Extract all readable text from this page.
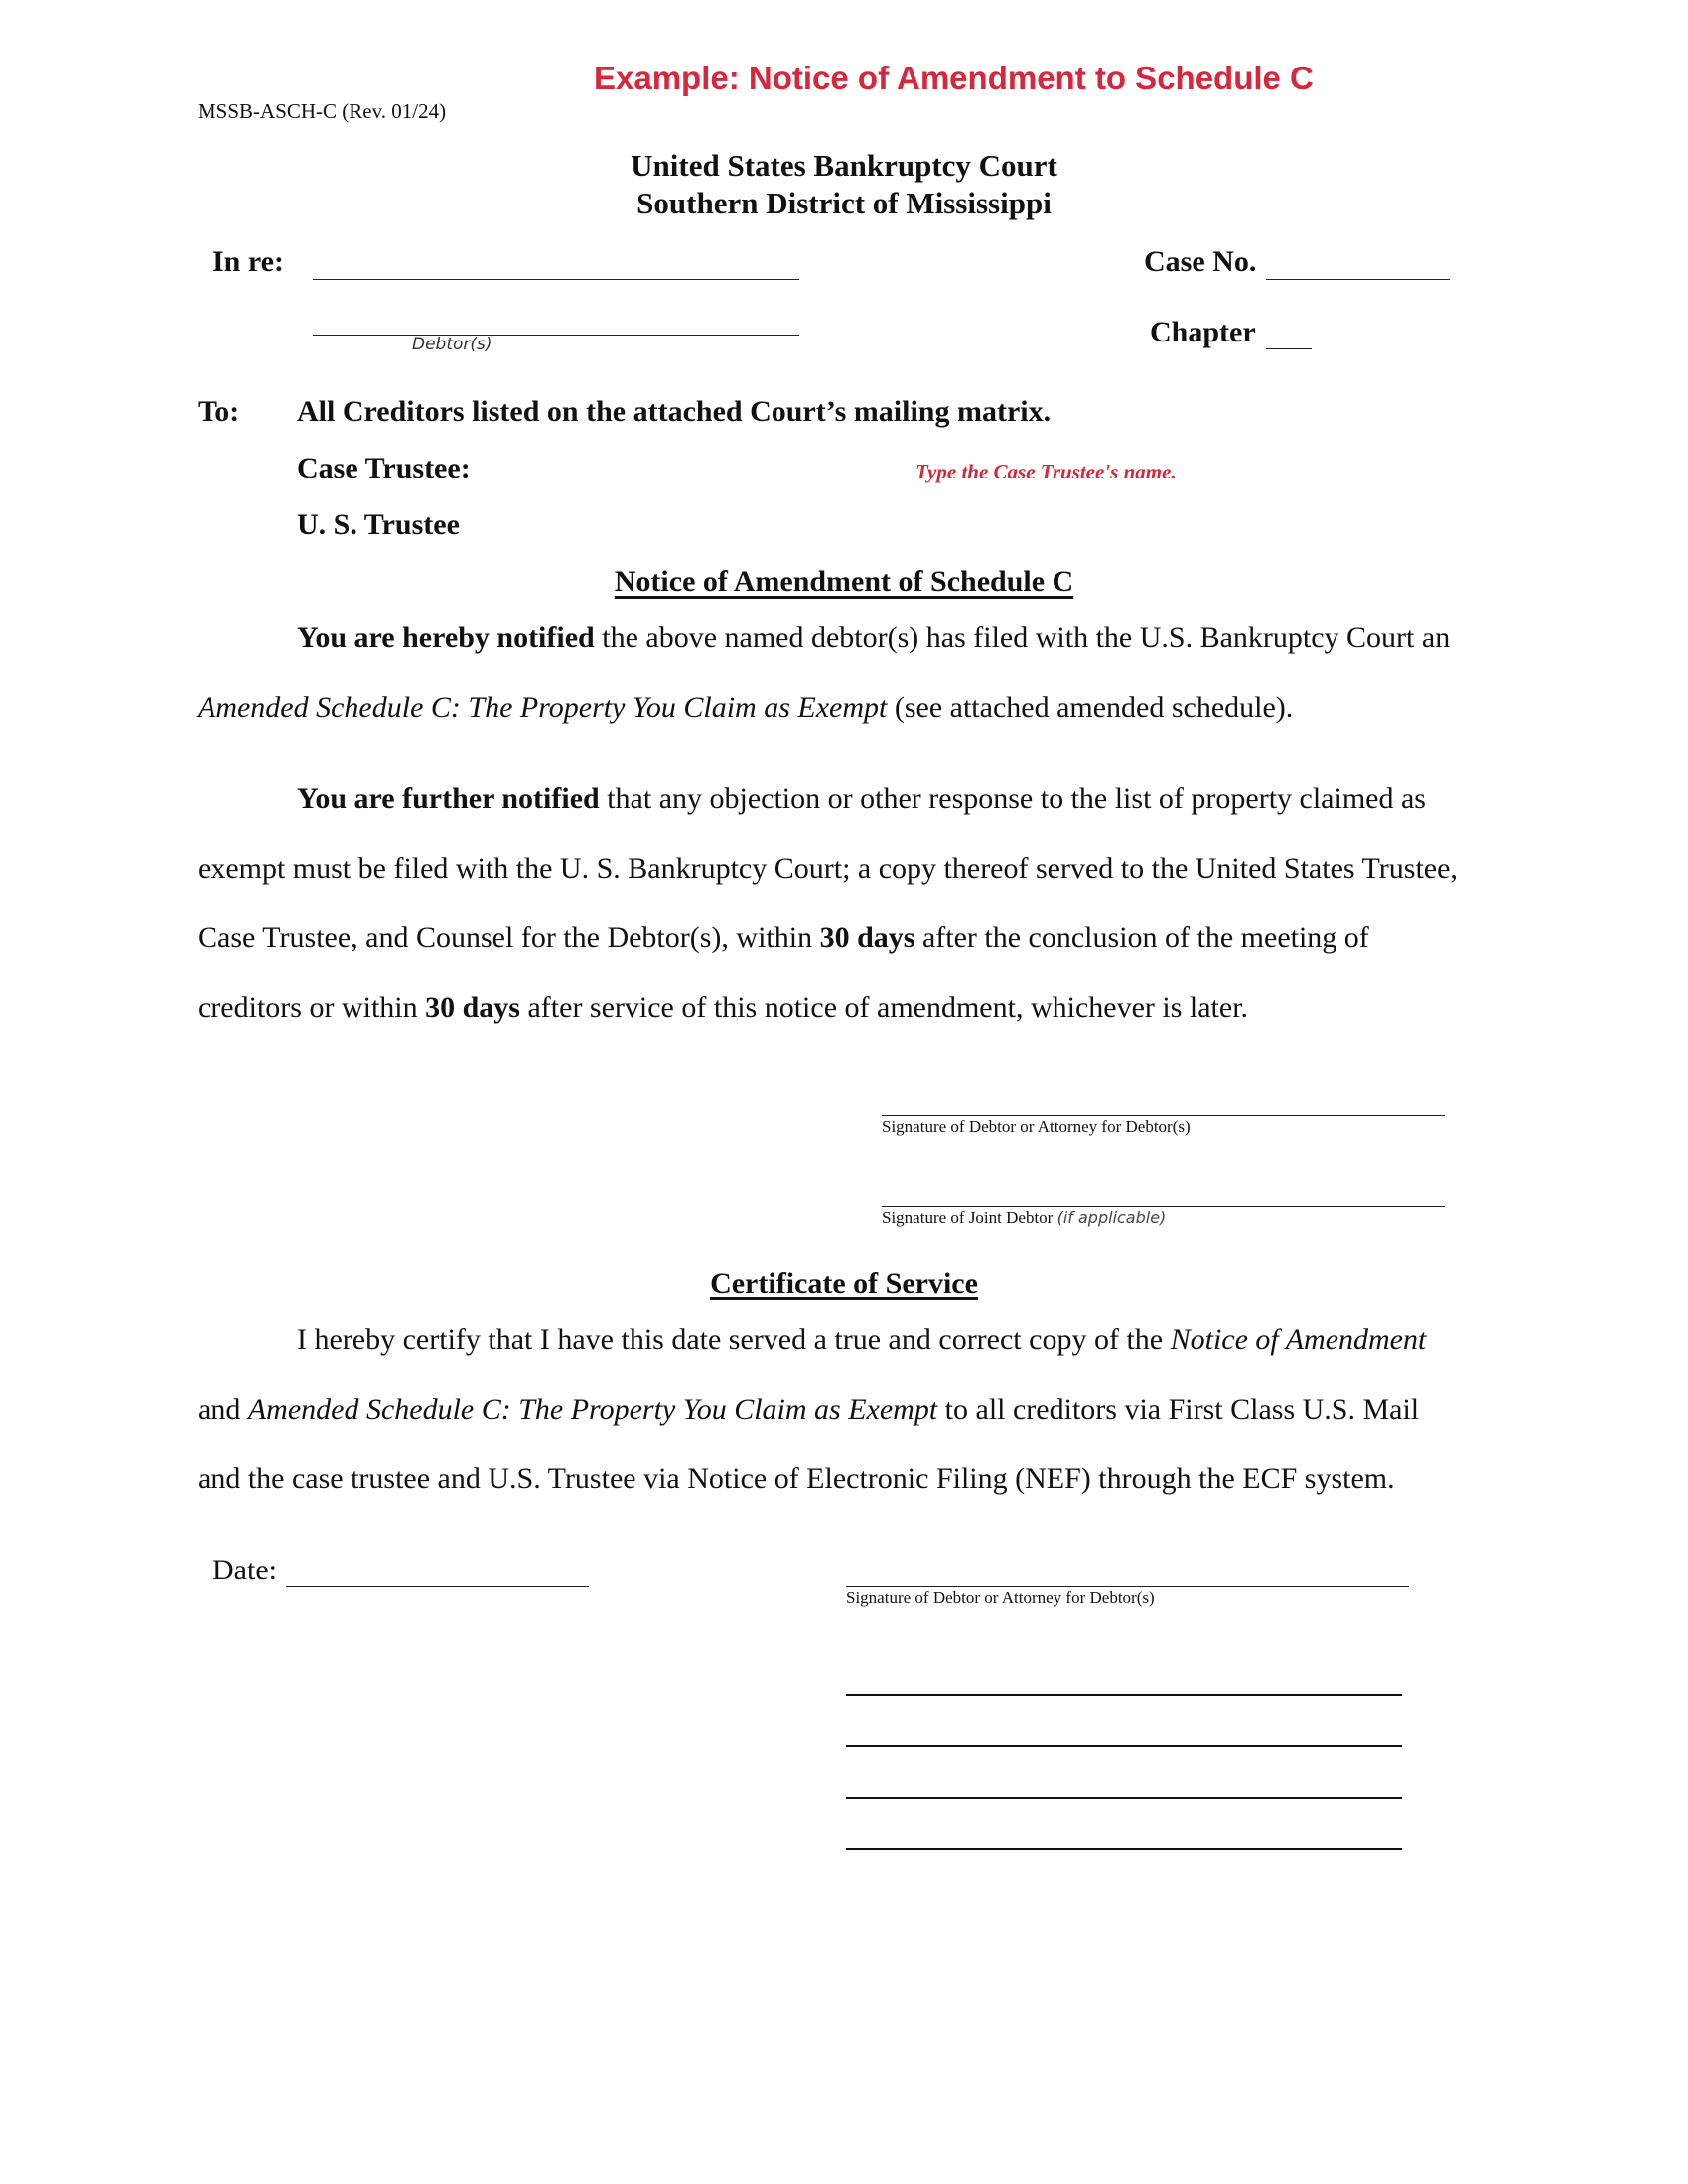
Example: Notice of Amendment to Schedule C
MSSB-ASCH-C (Rev. 01/24)
United States Bankruptcy Court
Southern District of Mississippi
In re:
Debtor(s)
Case No.
Chapter
To: All Creditors listed on the attached Court’s mailing matrix.
Case Trustee:	Type the Case Trustee's name.
U. S. Trustee
Notice of Amendment of Schedule C
You are hereby notified the above named debtor(s) has filed with the U.S. Bankruptcy Court an
Amended Schedule C: The Property You Claim as Exempt (see attached amended schedule).
You are further notified that any objection or other response to the list of property claimed as
exempt must be filed with the U. S. Bankruptcy Court; a copy thereof served to the United States Trustee,
Case Trustee, and Counsel for the Debtor(s), within 30 days after the conclusion of the meeting of
creditors or within 30 days after service of this notice of amendment, whichever is later.
Signature of Debtor or Attorney for Debtor(s)
Signature of Joint Debtor (if applicable)
Certificate of Service
I hereby certify that I have this date served a true and correct copy of the Notice of Amendment
and Amended Schedule C: The Property You Claim as Exempt to all creditors via First Class U.S. Mail
and the case trustee and U.S. Trustee via Notice of Electronic Filing (NEF) through the ECF system.
Date:
Signature of Debtor or Attorney for Debtor(s)
